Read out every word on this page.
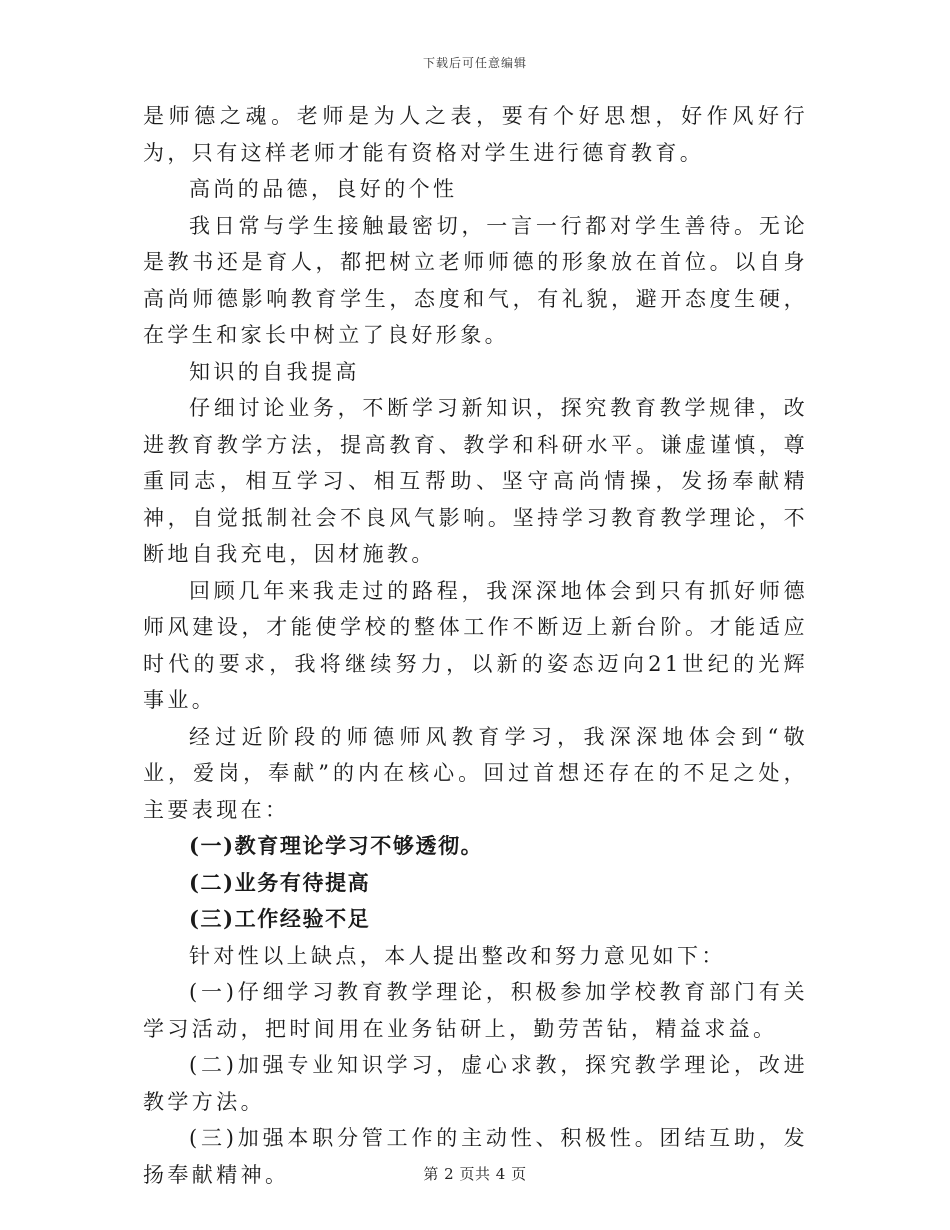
下载后可任意编辑

是师德之魂。老师是为人之表，要有个好思想，好作风好行为，只有这样老师才能有资格对学生进行德育教育。

高尚的品德，良好的个性

我日常与学生接触最密切，一言一行都对学生善待。无论是教书还是育人，都把树立老师师德的形象放在首位。以自身高尚师德影响教育学生，态度和气，有礼貌，避开态度生硬，在学生和家长中树立了良好形象。

知识的自我提高

仔细讨论业务，不断学习新知识，探究教育教学规律，改进教育教学方法，提高教育、教学和科研水平。谦虚谨慎，尊重同志，相互学习、相互帮助、坚守高尚情操，发扬奉献精神，自觉抵制社会不良风气影响。坚持学习教育教学理论，不断地自我充电，因材施教。

回顾几年来我走过的路程，我深深地体会到只有抓好师德师风建设，才能使学校的整体工作不断迈上新台阶。才能适应时代的要求，我将继续努力，以新的姿态迈向21世纪的光辉事业。

经过近阶段的师德师风教育学习，我深深地体会到“敬业，爱岗，奉献”的内在核心。回过首想还存在的不足之处，主要表现在：

(一)教育理论学习不够透彻。

(二)业务有待提高

(三)工作经验不足

针对性以上缺点，本人提出整改和努力意见如下：

(一)仔细学习教育教学理论，积极参加学校教育部门有关学习活动，把时间用在业务钻研上，勤劳苦钻，精益求益。

(二)加强专业知识学习，虚心求教，探究教学理论，改进教学方法。

(三)加强本职分管工作的主动性、积极性。团结互助，发扬奉献精神。	第 2 页共 4 页
